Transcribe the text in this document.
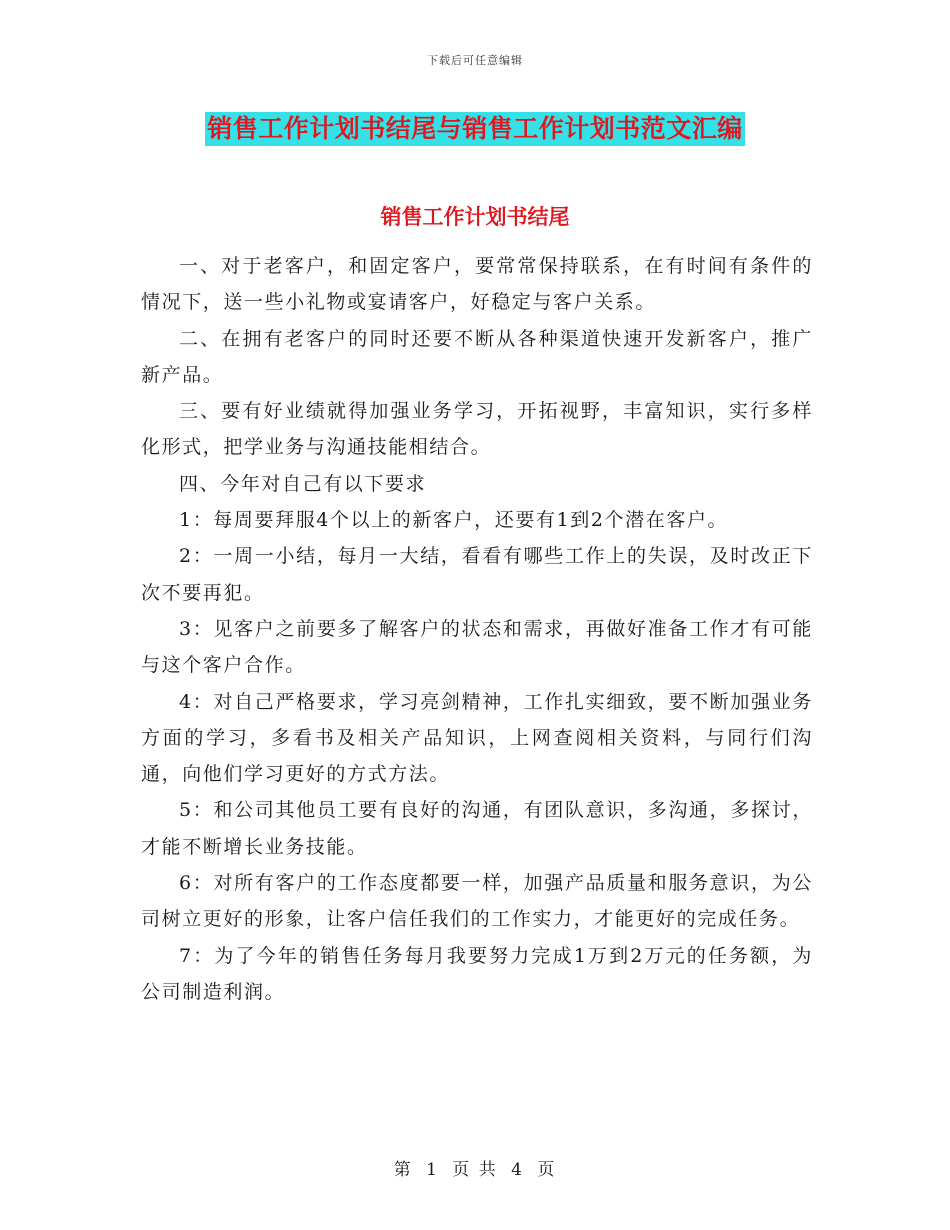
下载后可任意编辑
销售工作计划书结尾与销售工作计划书范文汇编
销售工作计划书结尾

一、对于老客户，和固定客户，要常常保持联系，在有时间有条件的情况下，送一些小礼物或宴请客户，好稳定与客户关系。

二、在拥有老客户的同时还要不断从各种渠道快速开发新客户，推广新产品。

三、要有好业绩就得加强业务学习，开拓视野，丰富知识，实行多样化形式，把学业务与沟通技能相结合。

四、今年对自己有以下要求

1：每周要拜服4个以上的新客户，还要有1到2个潜在客户。

2：一周一小结，每月一大结，看看有哪些工作上的失误，及时改正下次不要再犯。

3：见客户之前要多了解客户的状态和需求，再做好准备工作才有可能与这个客户合作。

4：对自己严格要求，学习亮剑精神，工作扎实细致，要不断加强业务方面的学习，多看书及相关产品知识，上网查阅相关资料，与同行们沟通，向他们学习更好的方式方法。

5：和公司其他员工要有良好的沟通，有团队意识，多沟通，多探讨，才能不断增长业务技能。

6：对所有客户的工作态度都要一样，加强产品质量和服务意识，为公司树立更好的形象，让客户信任我们的工作实力，才能更好的完成任务。

7：为了今年的销售任务每月我要努力完成1万到2万元的任务额，为公司制造利润。

第 1 页 共 4 页
